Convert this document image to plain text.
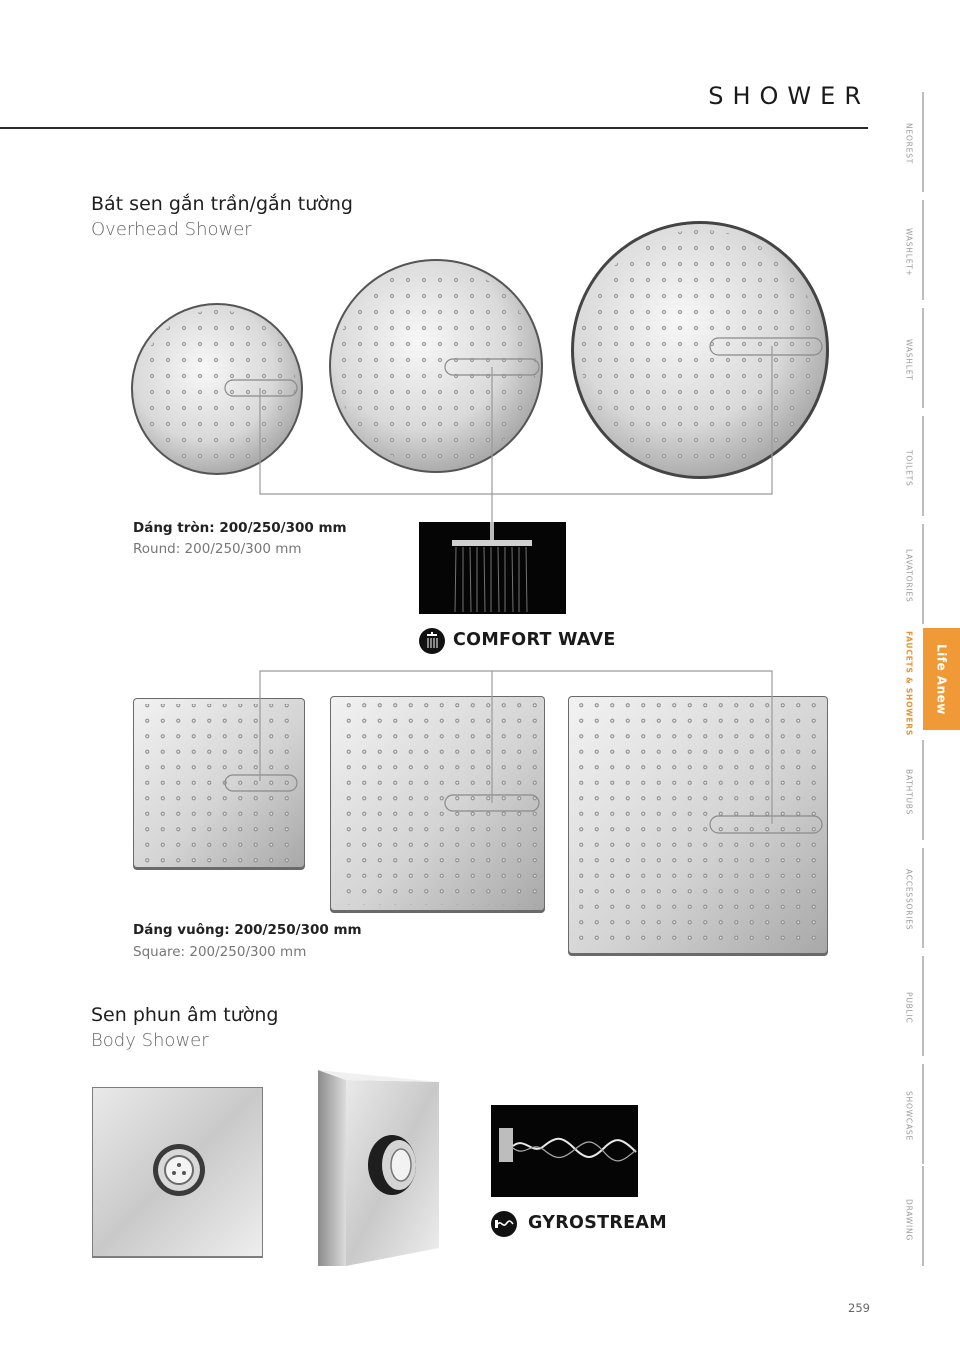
SHOWER
Bát sen gắn trần/gắn tường
Overhead Shower
Dáng tròn: 200/250/300 mm
Round: 200/250/300 mm
COMFORT WAVE
Dáng vuông: 200/250/300 mm
Square: 200/250/300 mm
Sen phun âm tường
Body Shower
GYROSTREAM
NEOREST
WASHLET+
WASHLET
TOILETS
LAVATORIES
FAUCETS & SHOWERS
BATHTUBS
ACCESSORIES
PUBLIC
SHOWCASE
DRAWING
Life Anew
259
